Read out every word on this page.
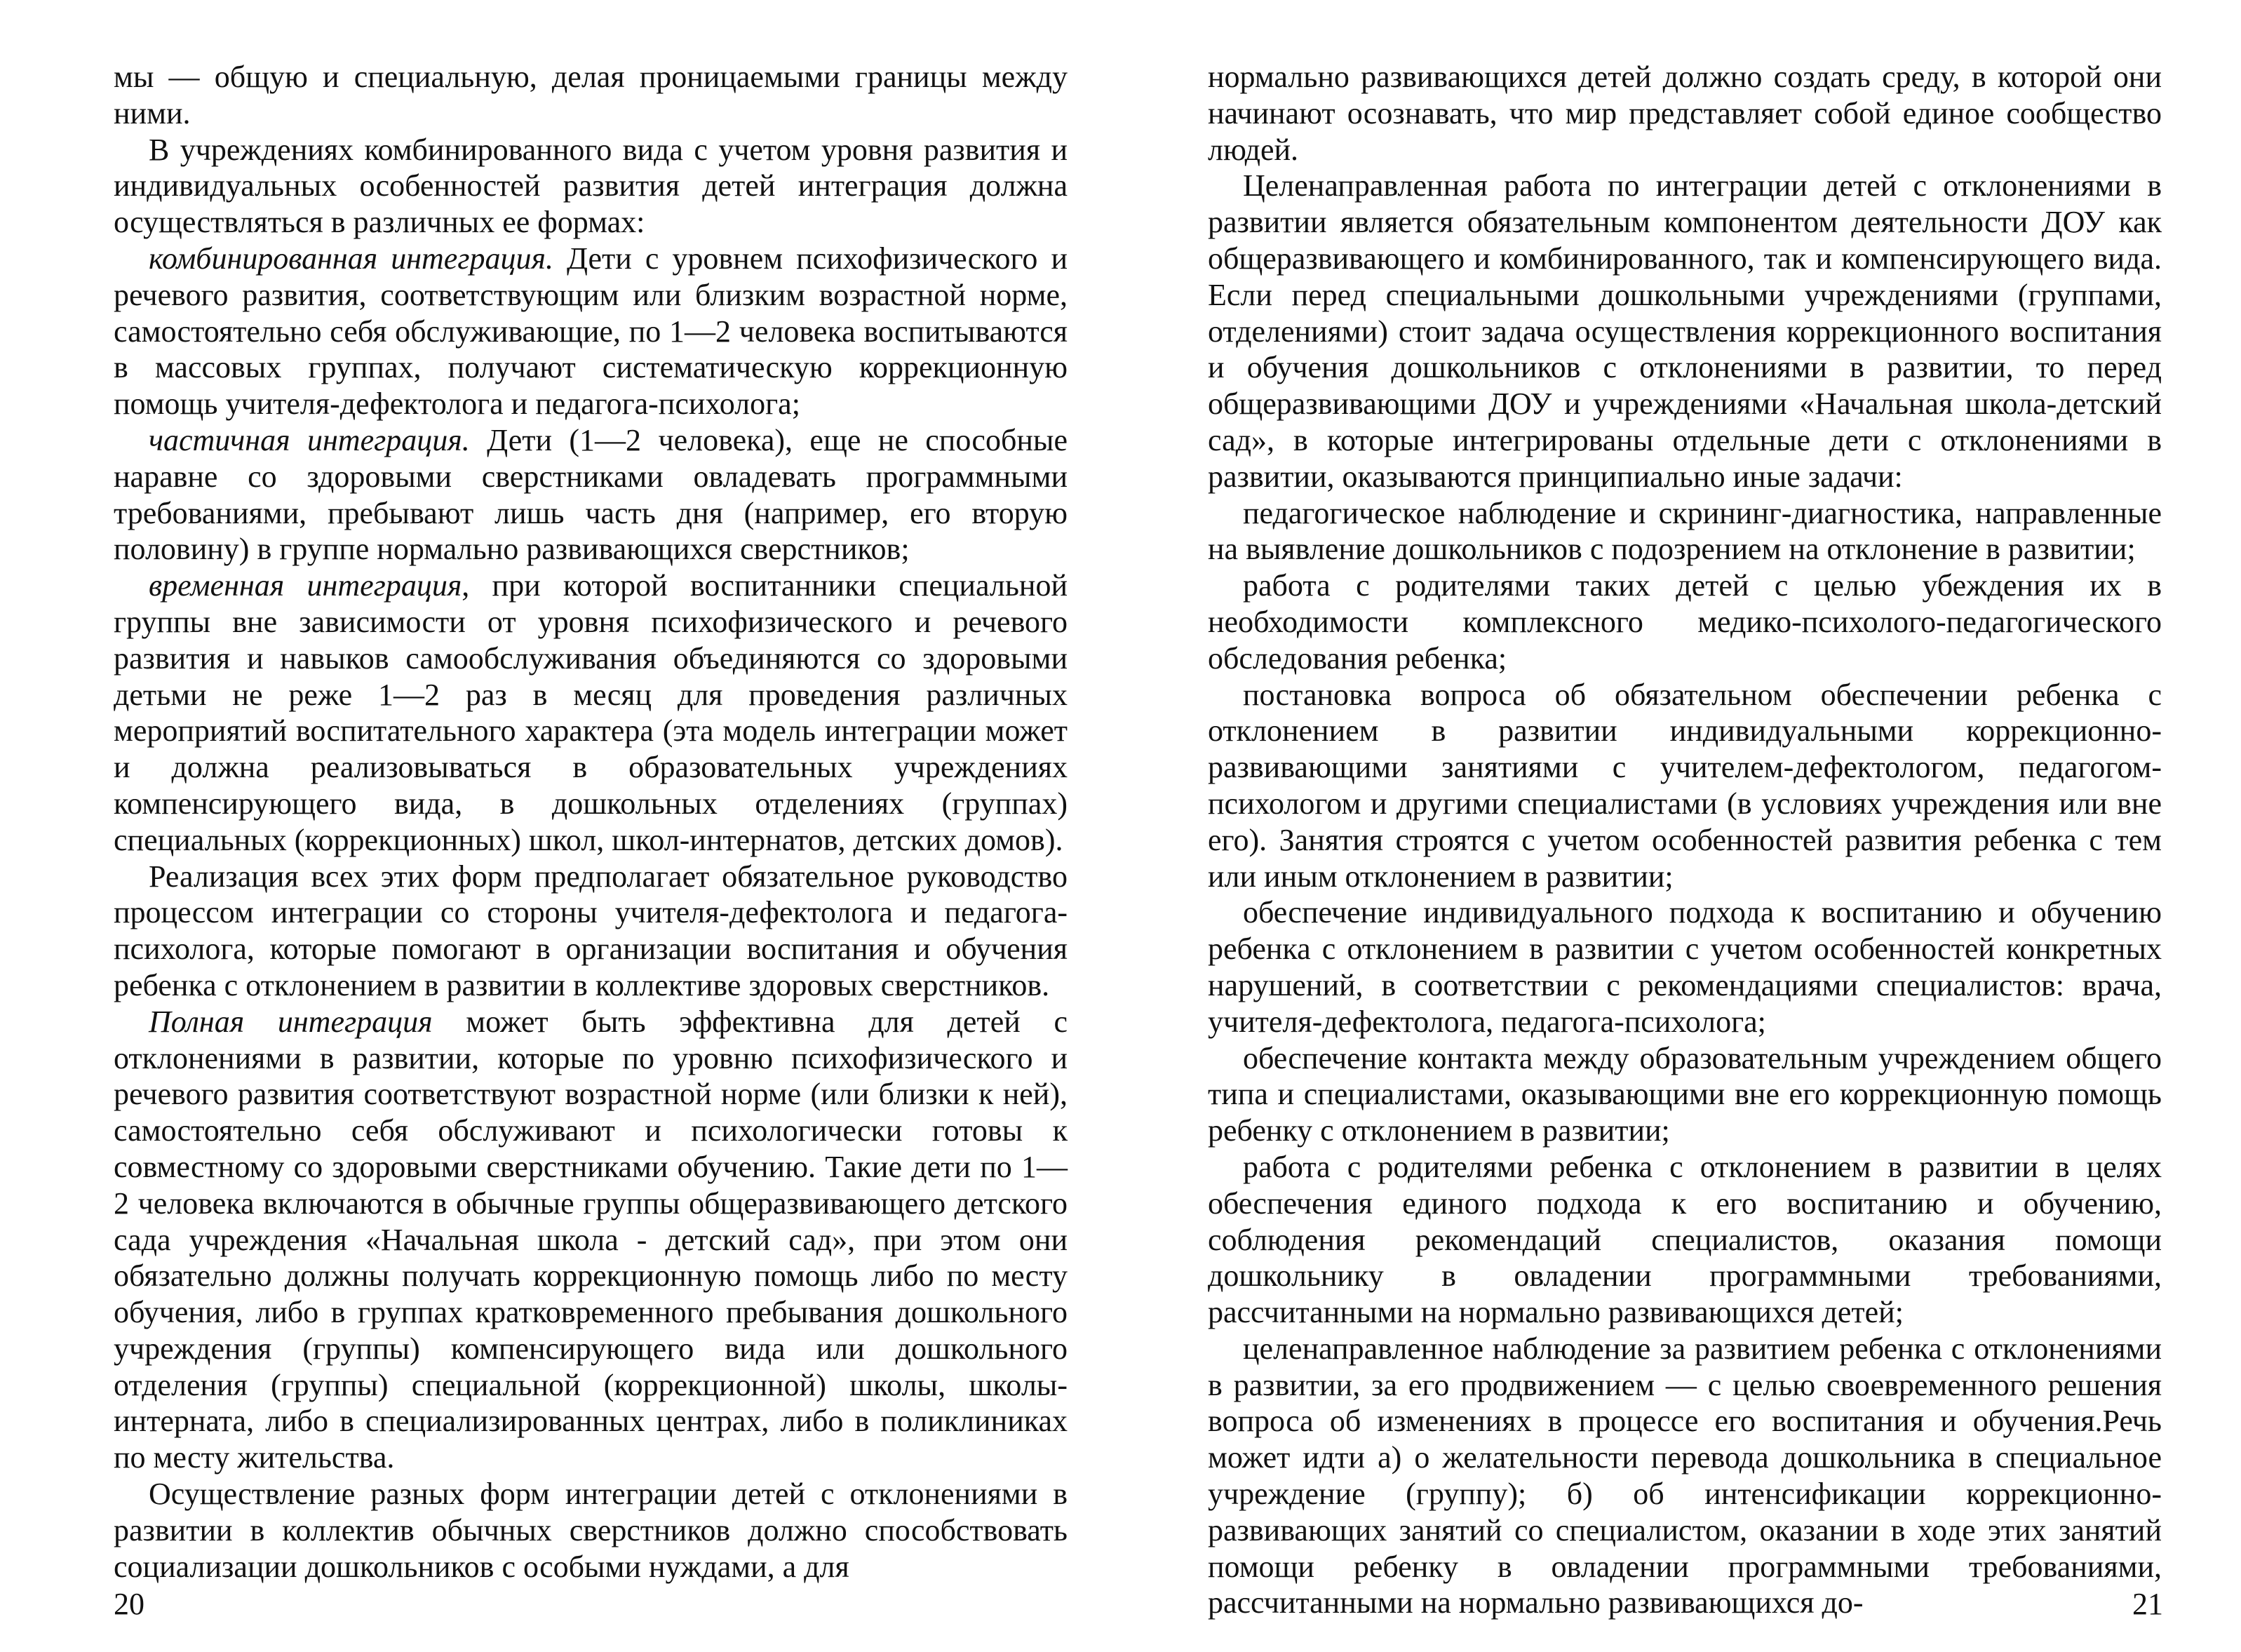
мы — общую и специальную, делая проницаемыми границы между ними.

В учреждениях комбинированного вида с учетом уровня развития и индивидуальных особенностей развития детей интеграция должна осуществляться в различных ее формах:

комбинированная интеграция. Дети с уровнем психофизического и речевого развития, соответствующим или близким возрастной норме, самостоятельно себя обслуживающие, по 1—2 человека воспитываются в массовых группах, получают систематическую коррекционную помощь учителя-дефектолога и педагога-психолога;

частичная интеграция. Дети (1—2 человека), еще не способные наравне со здоровыми сверстниками овладевать программными требованиями, пребывают лишь часть дня (например, его вторую половину) в группе нормально развивающихся сверстников;

временная интеграция, при которой воспитанники специальной группы вне зависимости от уровня психофизического и речевого развития и навыков самообслуживания объединяются со здоровыми детьми не реже 1—2 раз в месяц для проведения различных мероприятий воспитательного характера (эта модель интеграции может и должна реализовываться в образовательных учреждениях компенсирующего вида, в дошкольных отделениях (группах) специальных (коррекционных) школ, школ-интернатов, детских домов).

Реализация всех этих форм предполагает обязательное руководство процессом интеграции со стороны учителя-дефектолога и педагога-психолога, которые помогают в организации воспитания и обучения ребенка с отклонением в развитии в коллективе здоровых сверстников.

Полная интеграция может быть эффективна для детей с отклонениями в развитии, которые по уровню психофизического и речевого развития соответствуют возрастной норме (или близки к ней), самостоятельно себя обслуживают и психологически готовы к совместному со здоровыми сверстниками обучению. Такие дети по 1—2 человека включаются в обычные группы общеразвивающего детского сада учреждения «Начальная школа - детский сад», при этом они обязательно должны получать коррекционную помощь либо по месту обучения, либо в группах кратковременного пребывания дошкольного учреждения (группы) компенсирующего вида или дошкольного отделения (группы) специальной (коррекционной) школы, школы-интерната, либо в специализированных центрах, либо в поликлиниках по месту жительства.

Осуществление разных форм интеграции детей с отклонениями в развитии в коллектив обычных сверстников должно способствовать социализации дошкольников с особыми нуждами, а для

20

нормально развивающихся детей должно создать среду, в которой они начинают осознавать, что мир представляет собой единое сообщество людей.

Целенаправленная работа по интеграции детей с отклонениями в развитии является обязательным компонентом деятельности ДОУ как общеразвивающего и комбинированного, так и компенсирующего вида. Если перед специальными дошкольными учреждениями (группами, отделениями) стоит задача осуществления коррекционного воспитания и обучения дошкольников с отклонениями в развитии, то перед общеразвивающими ДОУ и учреждениями «Начальная школа-детский сад», в которые интегрированы отдельные дети с отклонениями в развитии, оказываются принципиально иные задачи:

педагогическое наблюдение и скрининг-диагностика, направленные на выявление дошкольников с подозрением на отклонение в развитии;

работа с родителями таких детей с целью убеждения их в необходимости комплексного медико-психолого-педагогического обследования ребенка;

постановка вопроса об обязательном обеспечении ребенка с отклонением в развитии индивидуальными коррекционно-развивающими занятиями с учителем-дефектологом, педагогом-психологом и другими специалистами (в условиях учреждения или вне его). Занятия строятся с учетом особенностей развития ребенка с тем или иным отклонением в развитии;

обеспечение индивидуального подхода к воспитанию и обучению ребенка с отклонением в развитии с учетом особенностей конкретных нарушений, в соответствии с рекомендациями специалистов: врача, учителя-дефектолога, педагога-психолога;

обеспечение контакта между образовательным учреждением общего типа и специалистами, оказывающими вне его коррекционную помощь ребенку с отклонением в развитии;

работа с родителями ребенка с отклонением в развитии в целях обеспечения единого подхода к его воспитанию и обучению, соблюдения рекомендаций специалистов, оказания помощи дошкольнику в овладении программными требованиями, рассчитанными на нормально развивающихся детей;

целенаправленное наблюдение за развитием ребенка с отклонениями в развитии, за его продвижением — с целью своевременного решения вопроса об изменениях в процессе его воспитания и обучения.Речь может идти а) о желательности перевода дошкольника в специальное учреждение (группу); б) об интенсификации коррекционно-развивающих занятий со специалистом, оказании в ходе этих занятий помощи ребенку в овладении программными требованиями, рассчитанными на нормально развивающихся до-	21
